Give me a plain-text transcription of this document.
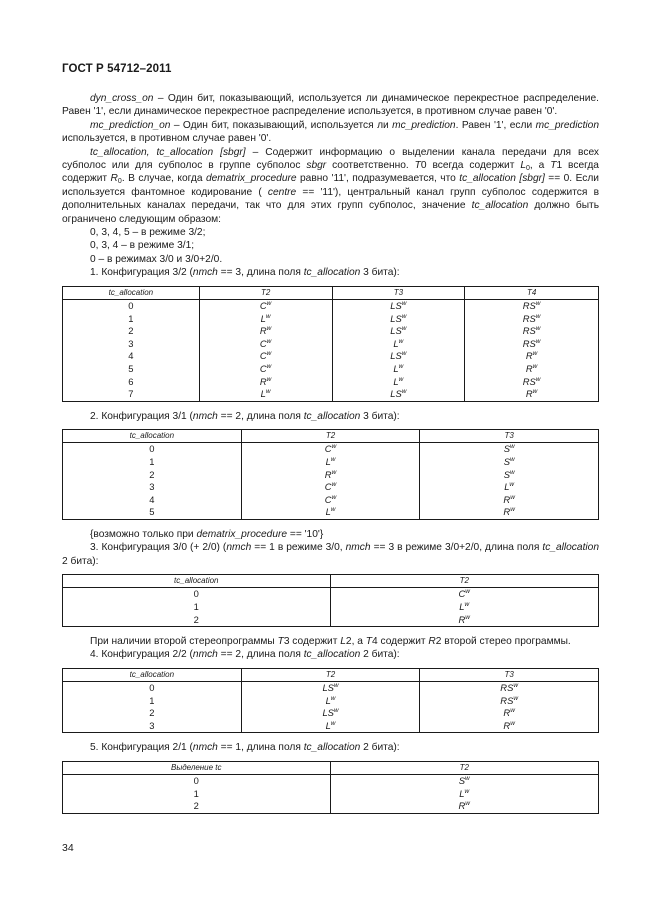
ГОСТ Р 54712–2011

dyn_cross_on – Один бит, показывающий, используется ли динамическое перекрестное распределение. Равен '1', если динамическое перекрестное распределение используется, в противном случае равен '0'.

mc_prediction_on – Один бит, показывающий, используется ли mc_prediction. Равен '1', если mc_prediction используется, в противном случае равен '0'.

tc_allocation, tc_allocation [sbgr] – Содержит информацию о выделении канала передачи для всех субполос или для субполос в группе субполос sbgr соответственно. T0 всегда содержит $L_0$, а T1 всегда содержит $R_0$. В случае, когда dematrix_procedure равно '11', подразумевается, что tc_allocation [sbgr] == 0. Если используется фантомное кодирование ( centre == '11'), центральный канал групп субполос содержится в дополнительных каналах передачи, так что для этих групп субполос, значение tc_allocation должно быть ограничено следующим образом:

0, 3, 4, 5 – в режиме 3/2;

0, 3, 4 – в режиме 3/1;

0 – в режимах 3/0 и 3/0+2/0.

1. Конфигурация 3/2 (nmch == 3, длина поля tc_allocation 3 бита):

tc_allocation	T2	T3	T4
0	$C^w$	$LS^w$	$RS^w$
1	$L^w$	$LS^w$	$RS^w$
2	$R^w$	$LS^w$	$RS^w$
3	$C^w$	$L^w$	$RS^w$
4	$C^w$	$LS^w$	$R^w$
5	$C^w$	$L^w$	$R^w$
6	$R^w$	$L^w$	$RS^w$
7	$L^w$	$LS^w$	$R^w$

2. Конфигурация 3/1 (nmch == 2, длина поля tc_allocation 3 бита):

tc_allocation	T2	T3
0	$C^w$	$S^w$
1	$L^w$	$S^w$
2	$R^w$	$S^w$
3	$C^w$	$L^w$
4	$C^w$	$R^w$
5	$L^w$	$R^w$

{возможно только при dematrix_procedure == '10'}

3. Конфигурация 3/0 (+ 2/0) (nmch == 1 в режиме 3/0, nmch == 3 в режиме 3/0+2/0, длина поля tc_allocation 2 бита):

tc_allocation	T2
0	$C^w$
1	$L^w$
2	$R^w$

При наличии второй стереопрограммы T3 содержит L2, а T4 содержит R2 второй стерео программы.

4. Конфигурация 2/2 (nmch == 2, длина поля tc_allocation 2 бита):

tc_allocation	T2	T3
0	$LS^w$	$RS^w$
1	$L^w$	$RS^w$
2	$LS^w$	$R^w$
3	$L^w$	$R^w$

5. Конфигурация 2/1 (nmch == 1, длина поля tc_allocation 2 бита):

Выделение tc	T2
0	$S^w$
1	$L^w$
2	$R^w$
34
